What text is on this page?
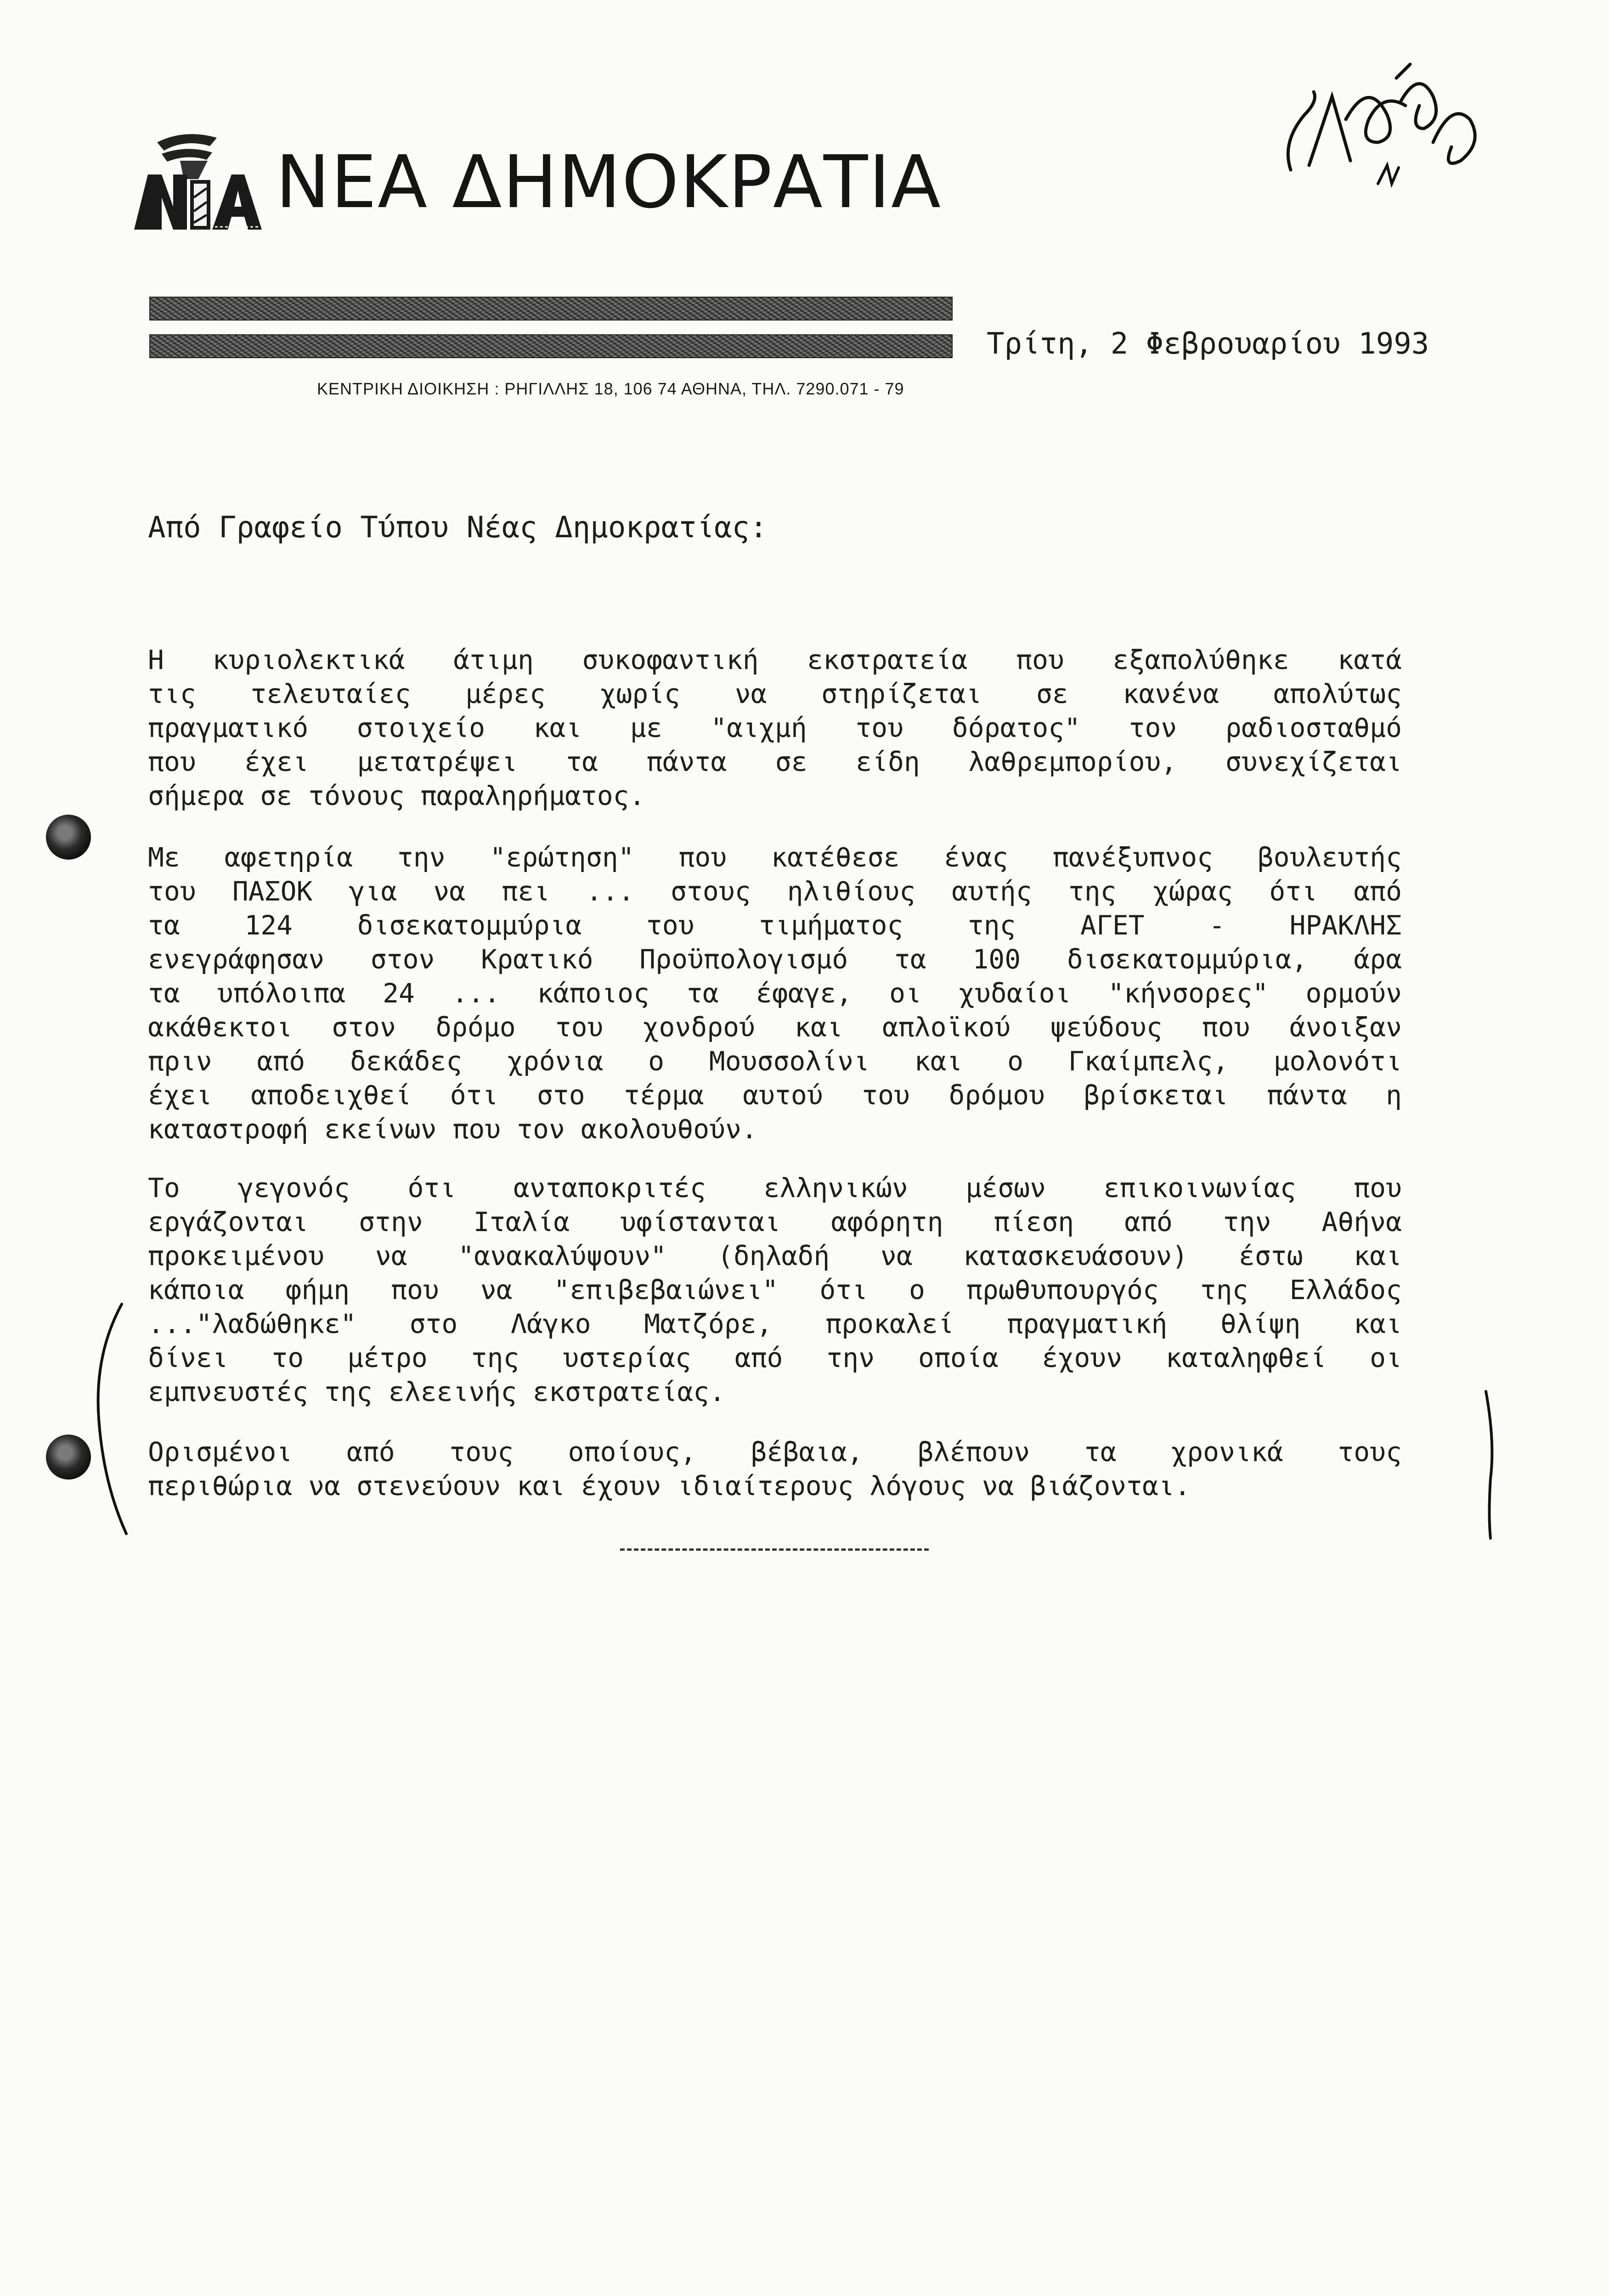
ΝΕΑ ΔΗΜΟΚΡΑΤΙΑ
ΚΕΝΤΡΙΚΗ ΔΙΟΙΚΗΣΗ : ΡΗΓΙΛΛΗΣ 18, 106 74 ΑΘΗΝΑ, ΤΗΛ. 7290.071 - 79
Τρίτη, 2 Φεβρουαρίου 1993
Από Γραφείο Τύπου Νέας Δημοκρατίας:
Η κυριολεκτικά άτιμη συκοφαντική εκστρατεία που εξαπολύθηκε κατά
τις τελευταίες μέρες χωρίς να στηρίζεται σε κανένα απολύτως
πραγματικό στοιχείο και με "αιχμή του δόρατος" τον ραδιοσταθμό
που έχει μετατρέψει τα πάντα σε είδη λαθρεμπορίου, συνεχίζεται
σήμερα σε τόνους παραληρήματος.
Με αφετηρία την "ερώτηση" που κατέθεσε ένας πανέξυπνος βουλευτής
του ΠΑΣΟΚ για να πει ... στους ηλιθίους αυτής της χώρας ότι από
τα 124 δισεκατομμύρια του τιμήματος της ΑΓΕΤ - ΗΡΑΚΛΗΣ
ενεγράφησαν στον Κρατικό Προϋπολογισμό τα 100 δισεκατομμύρια, άρα
τα υπόλοιπα 24 ... κάποιος τα έφαγε, οι χυδαίοι "κήνσορες" ορμούν
ακάθεκτοι στον δρόμο του χονδρού και απλοϊκού ψεύδους που άνοιξαν
πριν από δεκάδες χρόνια ο Μουσσολίνι και ο Γκαίμπελς, μολονότι
έχει αποδειχθεί ότι στο τέρμα αυτού του δρόμου βρίσκεται πάντα η
καταστροφή εκείνων που τον ακολουθούν.
Το γεγονός ότι ανταποκριτές ελληνικών μέσων επικοινωνίας που
εργάζονται στην Ιταλία υφίστανται αφόρητη πίεση από την Αθήνα
προκειμένου να "ανακαλύψουν" (δηλαδή να κατασκευάσουν) έστω και
κάποια φήμη που να "επιβεβαιώνει" ότι ο πρωθυπουργός της Ελλάδος
..."λαδώθηκε" στο Λάγκο Ματζόρε, προκαλεί πραγματική θλίψη και
δίνει το μέτρο της υστερίας από την οποία έχουν καταληφθεί οι
εμπνευστές της ελεεινής εκστρατείας.
Ορισμένοι από τους οποίους, βέβαια, βλέπουν τα χρονικά τους
περιθώρια να στενεύουν και έχουν ιδιαίτερους λόγους να βιάζονται.
